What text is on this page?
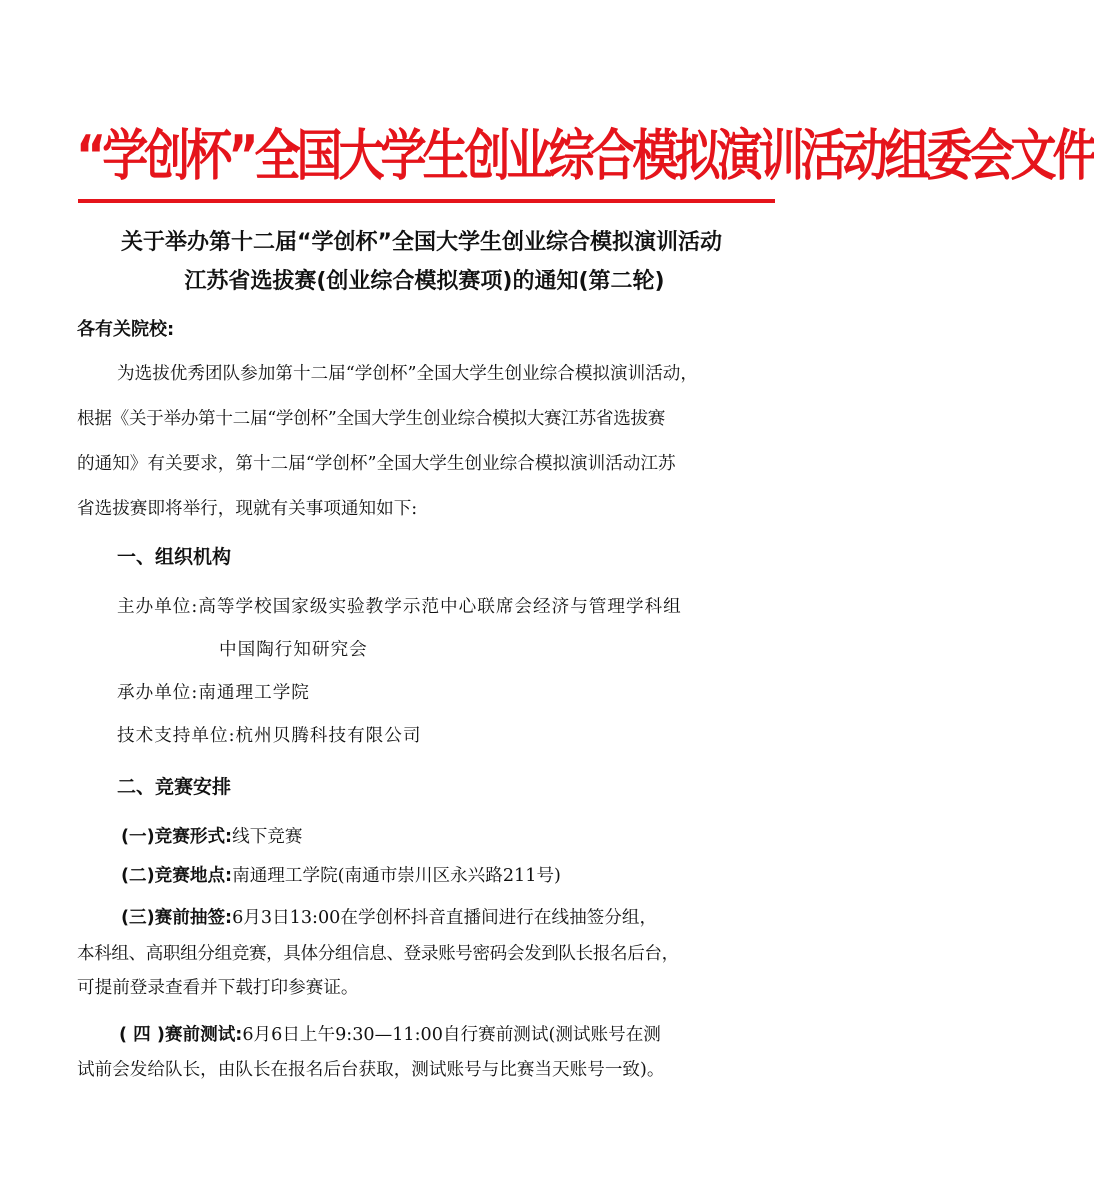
“学创杯”全国大学生创业综合模拟演训活动组委会文件
关于举办第十二届“学创杯”全国大学生创业综合模拟演训活动
江苏省选拔赛(创业综合模拟赛项)的通知(第二轮)
各有关院校:
为选拔优秀团队参加第十二届“学创杯”全国大学生创业综合模拟演训活动，
根据《关于举办第十二届“学创杯”全国大学生创业综合模拟大赛江苏省选拔赛
的通知》有关要求，第十二届“学创杯”全国大学生创业综合模拟演训活动江苏
省选拔赛即将举行，现就有关事项通知如下:
一、组织机构
主办单位:高等学校国家级实验教学示范中心联席会经济与管理学科组
中国陶行知研究会
承办单位:南通理工学院
技术支持单位:杭州贝腾科技有限公司
二、竞赛安排
(一)竞赛形式:线下竞赛
(二)竞赛地点:南通理工学院(南通市崇川区永兴路211号)
(三)赛前抽签:6月3日13:00在学创杯抖音直播间进行在线抽签分组，
本科组、高职组分组竞赛，具体分组信息、登录账号密码会发到队长报名后台，
可提前登录查看并下载打印参赛证。
( 四 )赛前测试:6月6日上午9:30—11:00自行赛前测试(测试账号在测
试前会发给队长，由队长在报名后台获取，测试账号与比赛当天账号一致)。
